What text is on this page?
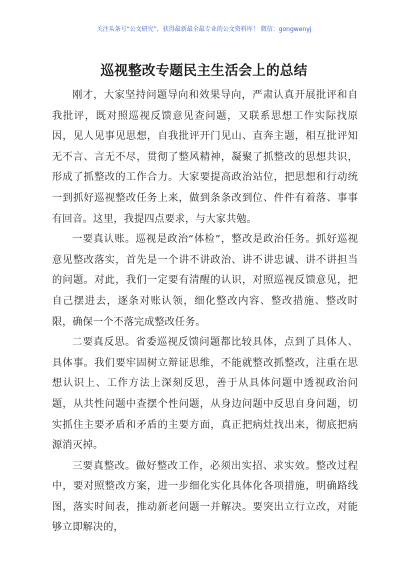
关注头条号“公文研究”，获得最新最全最专业的公文资料库！ 微信：gongwenyj
巡视整改专题民主生活会上的总结

刚才，大家坚持问题导向和效果导向，严肃认真开展批评和自我批评，既对照巡视反馈意见查问题，又联系思想工作实际找原因，见人见事见思想，自我批评开门见山、直奔主题，相互批评知无不言、言无不尽，贯彻了整风精神，凝聚了抓整改的思想共识，形成了抓整改的工作合力。大家要提高政治站位，把思想和行动统一到抓好巡视整改任务上来，做到条条改到位、件件有着落、事事有回音。这里，我提四点要求，与大家共勉。

一要真认账。巡视是政治“体检”，整改是政治任务。抓好巡视意见整改落实，首先是一个讲不讲政治、讲不讲忠诚、讲不讲担当的问题。对此，我们一定要有清醒的认识，对照巡视反馈意见，把自己摆进去，逐条对账认领，细化整改内容、整改措施、整改时限，确保一个不落完成整改任务。

二要真反思。省委巡视反馈问题都比较具体，点到了具体人、具体事。我们要牢固树立辩证思维，不能就整改抓整改，注重在思想认识上、工作方法上深刻反思，善于从具体问题中透视政治问题，从共性问题中查摆个性问题，从身边问题中反思自身问题，切实抓住主要矛盾和矛盾的主要方面，真正把病灶找出来，彻底把病源消灭掉。

三要真整改。做好整改工作，必须出实招、求实效。整改过程中，要对照整改方案，进一步细化实化具体化各项措施，明确路线图，落实时间表，推动新老问题一并解决。要突出立行立改，对能够立即解决的，
